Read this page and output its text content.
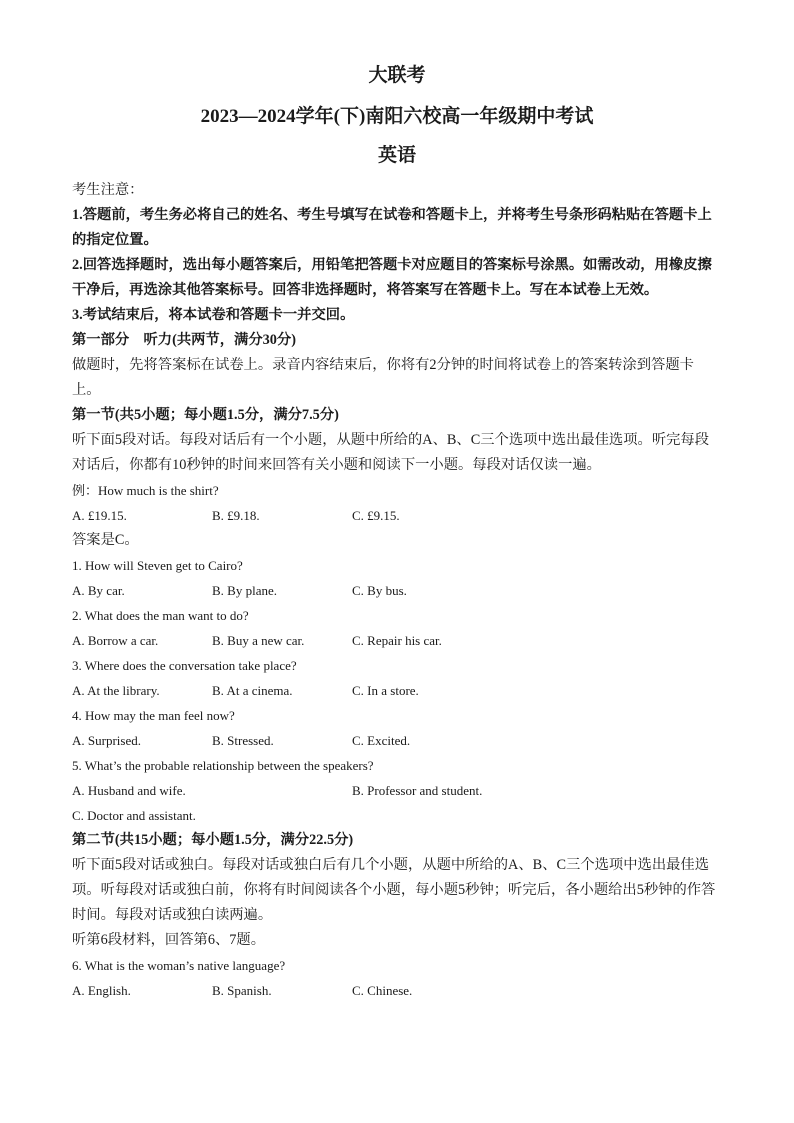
大联考

2023—2024学年(下)南阳六校高一年级期中考试

英语

考生注意：

1.答题前，考生务必将自己的姓名、考生号填写在试卷和答题卡上，并将考生号条形码粘贴在答题卡上的指定位置。

2.回答选择题时，选出每小题答案后，用铅笔把答题卡对应题目的答案标号涂黑。如需改动，用橡皮擦干净后，再选涂其他答案标号。回答非选择题时，将答案写在答题卡上。写在本试卷上无效。

3.考试结束后，将本试卷和答题卡一并交回。

第一部分　听力(共两节，满分30分)

做题时，先将答案标在试卷上。录音内容结束后，你将有2分钟的时间将试卷上的答案转涂到答题卡上。

第一节(共5小题；每小题1.5分，满分7.5分)

听下面5段对话。每段对话后有一个小题，从题中所给的A、B、C三个选项中选出最佳选项。听完每段对话后，你都有10秒钟的时间来回答有关小题和阅读下一小题。每段对话仅读一遍。

例：How much is the shirt?

A. £19.15.	B. £9.18.	C. £9.15.

答案是C。

1. How will Steven get to Cairo?

A. By car.	B. By plane.	C. By bus.

2. What does the man want to do?

A. Borrow a car.	B. Buy a new car.	C. Repair his car.

3. Where does the conversation take place?

A. At the library.	B. At a cinema.	C. In a store.

4. How may the man feel now?

A. Surprised.	B. Stressed.	C. Excited.

5. What’s the probable relationship between the speakers?

A. Husband and wife.	B. Professor and student.
C. Doctor and assistant.

第二节(共15小题；每小题1.5分，满分22.5分)

听下面5段对话或独白。每段对话或独白后有几个小题，从题中所给的A、B、C三个选项中选出最佳选项。听每段对话或独白前，你将有时间阅读各个小题，每小题5秒钟；听完后，各小题给出5秒钟的作答时间。每段对话或独白读两遍。

听第6段材料，回答第6、7题。

6. What is the woman’s native language?

A. English.	B. Spanish.	C. Chinese.
